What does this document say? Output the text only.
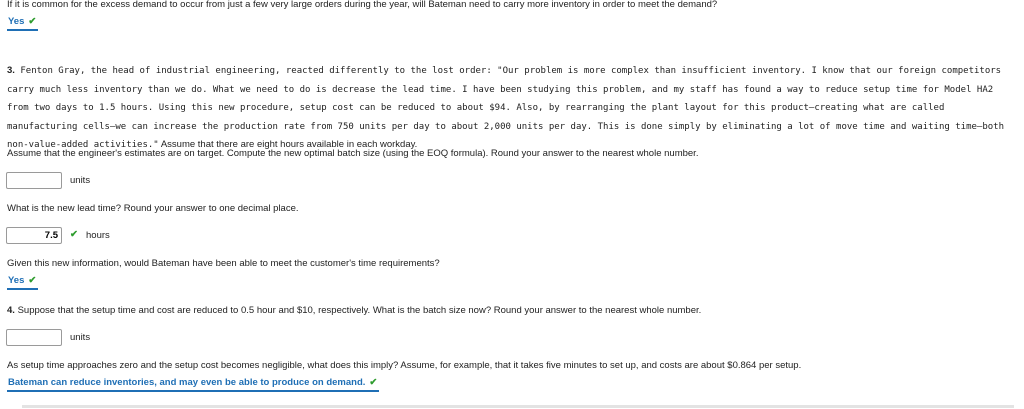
If it is common for the excess demand to occur from just a few very large orders during the year, will Bateman need to carry more inventory in order to meet the demand?
Yes ✔
3. Fenton Gray, the head of industrial engineering, reacted differently to the lost order: "Our problem is more complex than insufficient inventory. I know that our foreign competitors carry much less inventory than we do. What we need to do is decrease the lead time. I have been studying this problem, and my staff has found a way to reduce setup time for Model HA2 from two days to 1.5 hours. Using this new procedure, setup cost can be reduced to about $94. Also, by rearranging the plant layout for this product—creating what are called manufacturing cells—we can increase the production rate from 750 units per day to about 2,000 units per day. This is done simply by eliminating a lot of move time and waiting time—both non-value-added activities." Assume that there are eight hours available in each workday.
Assume that the engineer's estimates are on target. Compute the new optimal batch size (using the EOQ formula). Round your answer to the nearest whole number.
units
What is the new lead time? Round your answer to one decimal place.
7.5
✔ hours
Given this new information, would Bateman have been able to meet the customer's time requirements?
Yes ✔
4. Suppose that the setup time and cost are reduced to 0.5 hour and $10, respectively. What is the batch size now? Round your answer to the nearest whole number.
units
As setup time approaches zero and the setup cost becomes negligible, what does this imply? Assume, for example, that it takes five minutes to set up, and costs are about $0.864 per setup.
Bateman can reduce inventories, and may even be able to produce on demand. ✔
